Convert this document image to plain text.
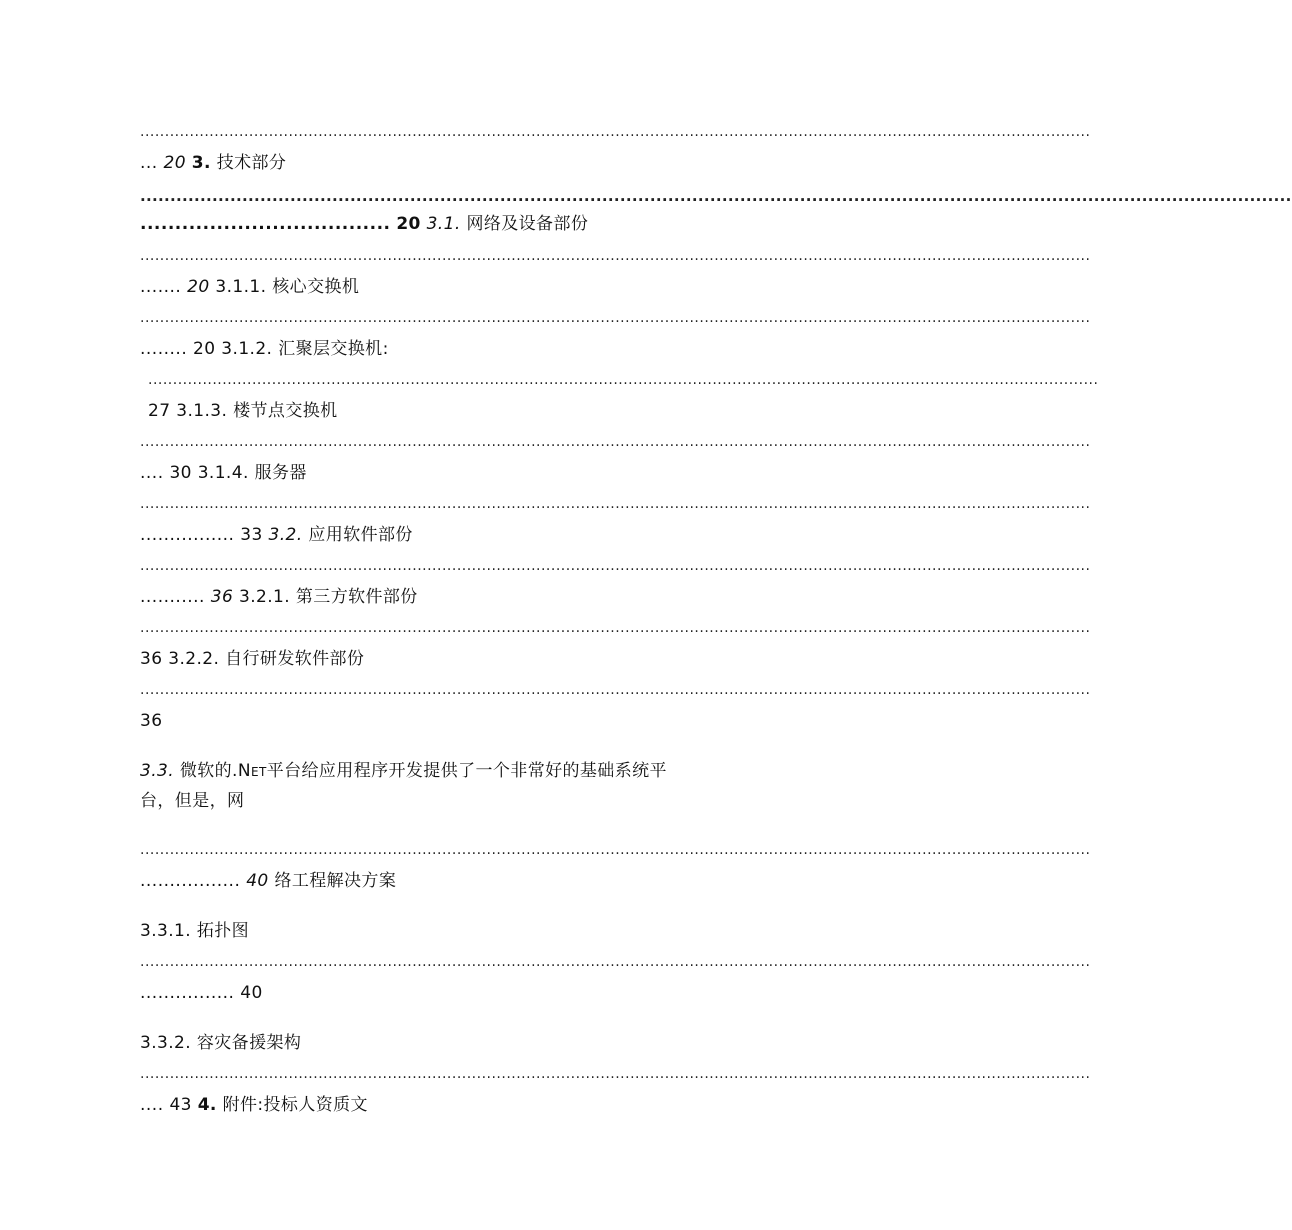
................................................................................................................................................................................................
... 20 3. 技术部分
................................................................................................................................................................................................
.................................... 20 3.1. 网络及设备部份
................................................................................................................................................................................................
....... 20 3.1.1. 核心交换机
................................................................................................................................................................................................
........ 20 3.1.2. 汇聚层交换机:
................................................................................................................................................................................................
27 3.1.3. 楼节点交换机
................................................................................................................................................................................................
.... 30 3.1.4. 服务器
................................................................................................................................................................................................
................ 33 3.2. 应用软件部份
................................................................................................................................................................................................
........... 36 3.2.1. 第三方软件部份
................................................................................................................................................................................................
36 3.2.2. 自行研发软件部份
................................................................................................................................................................................................
36
3.3. 微软的.NET平台给应用程序开发提供了一个非常好的基础系统平
台，但是，网
................................................................................................................................................................................................
................. 40 络工程解决方案
3.3.1. 拓扑图
................................................................................................................................................................................................
................ 40
3.3.2. 容灾备援架构
................................................................................................................................................................................................
.... 43 4. 附件:投标人资质文
